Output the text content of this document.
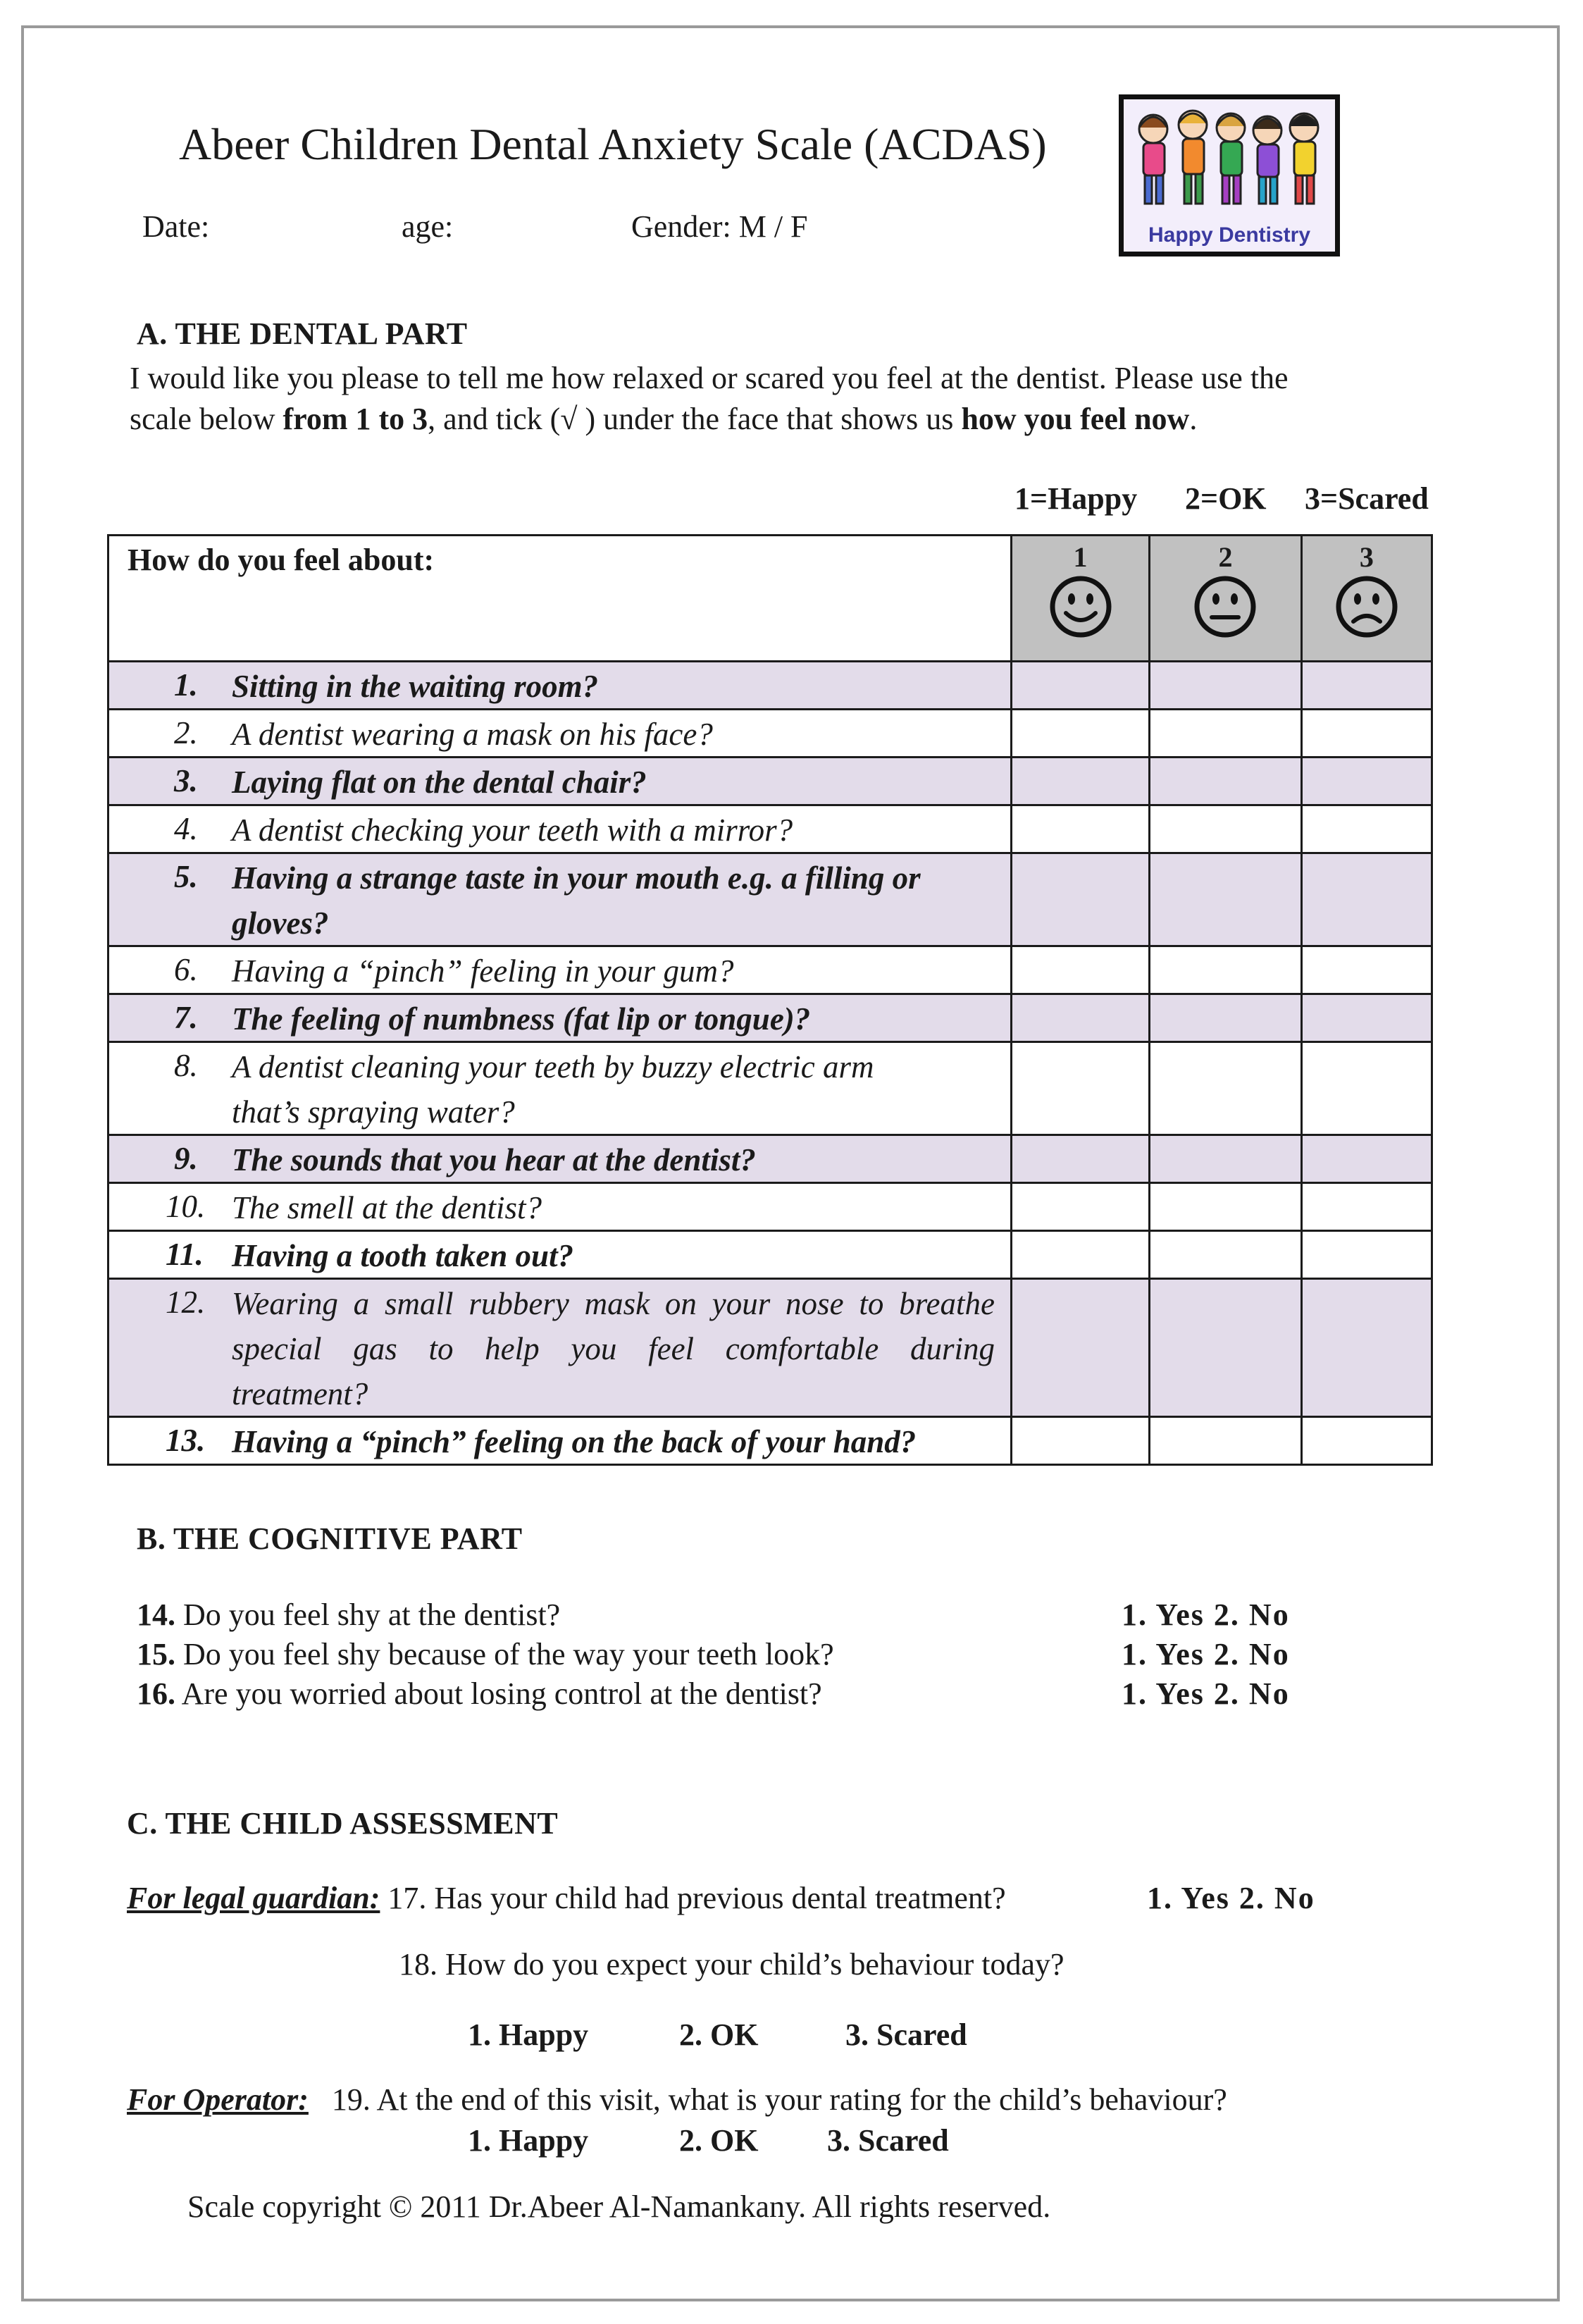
Abeer Children Dental Anxiety Scale (ACDAS)
Date:	age:	Gender: M / F	Happy Dentistry
A. THE DENTAL PART
I would like you please to tell me how relaxed or scared you feel at the dentist. Please use the
scale below from 1 to 3, and tick (√ ) under the face that shows us how you feel now.
1=Happy 2=OK 3=Scared
How do you feel about:	1	2	3

1. Sitting in the waiting room?			

2. A dentist wearing a mask on his face?			

3. Laying flat on the dental chair?			

4. A dentist checking your teeth with a mirror?			

5. Having a strange taste in your mouth e.g. a filling or
gloves?			

6. Having a “pinch” feeling in your gum?			

7. The feeling of numbness (fat lip or tongue)?			

8. A dentist cleaning your teeth by buzzy electric arm
that’s spraying water?			

9. The sounds that you hear at the dentist?			

10. The smell at the dentist?			

11. Having a tooth taken out?			

12. Wearing a small rubbery mask on your nose to breathe
special gas to help you feel comfortable during
treatment?			

13. Having a “pinch” feeling on the back of your hand?			

B. THE COGNITIVE PART
14. Do you feel shy at the dentist?	1. Yes 2. No
15. Do you feel shy because of the way your teeth look?	1. Yes 2. No
16. Are you worried about losing control at the dentist?	1. Yes 2. No
C. THE CHILD ASSESSMENT
For legal guardian: 17. Has your child had previous dental treatment?	1. Yes 2. No
18. How do you expect your child’s behaviour today?
1. Happy	2. OK	3. Scared
For Operator: 19. At the end of this visit, what is your rating for the child’s behaviour?
1. Happy	2. OK 3. Scared
Scale copyright © 2011 Dr.Abeer Al-Namankany. All rights reserved.
